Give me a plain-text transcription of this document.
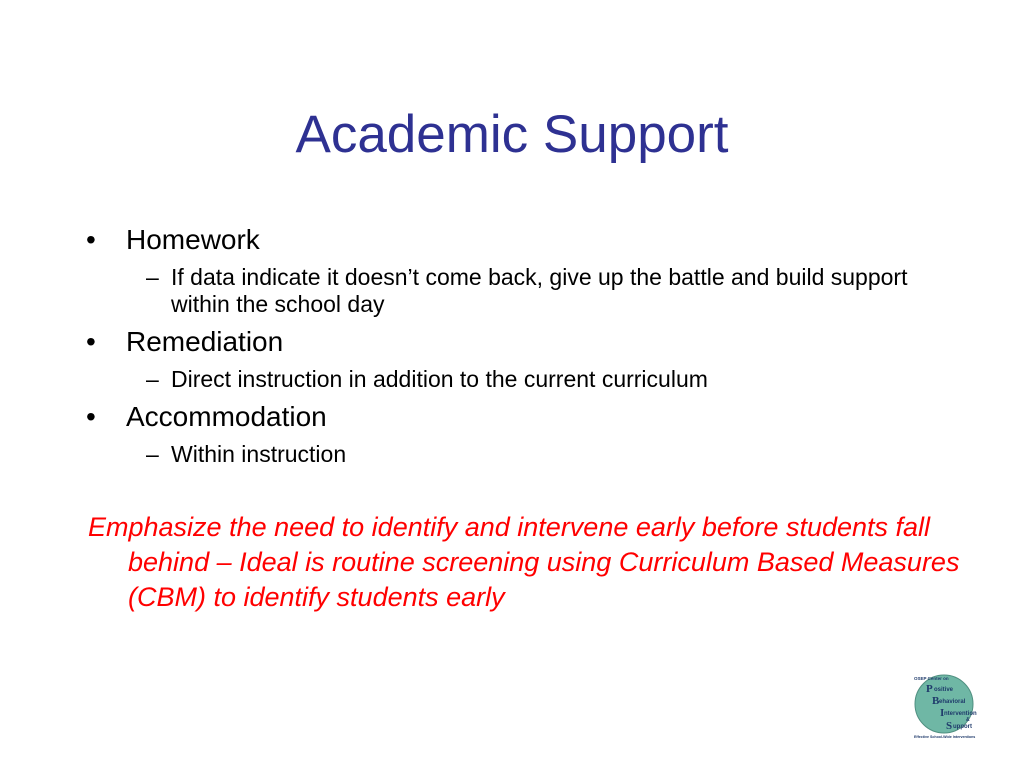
Academic Support
• Homework
– If data indicate it doesn’t come back, give up the battle and build support within the school day
• Remediation
– Direct instruction in addition to the current curriculum
• Accommodation
– Within instruction
Emphasize the need to identify and intervene early before students fall behind – Ideal is routine screening using Curriculum Based Measures (CBM) to identify students early
OSEP Center on
P ositive
B ehavioral
I ntervention
&
S upport
Effective School-Wide Interventions
